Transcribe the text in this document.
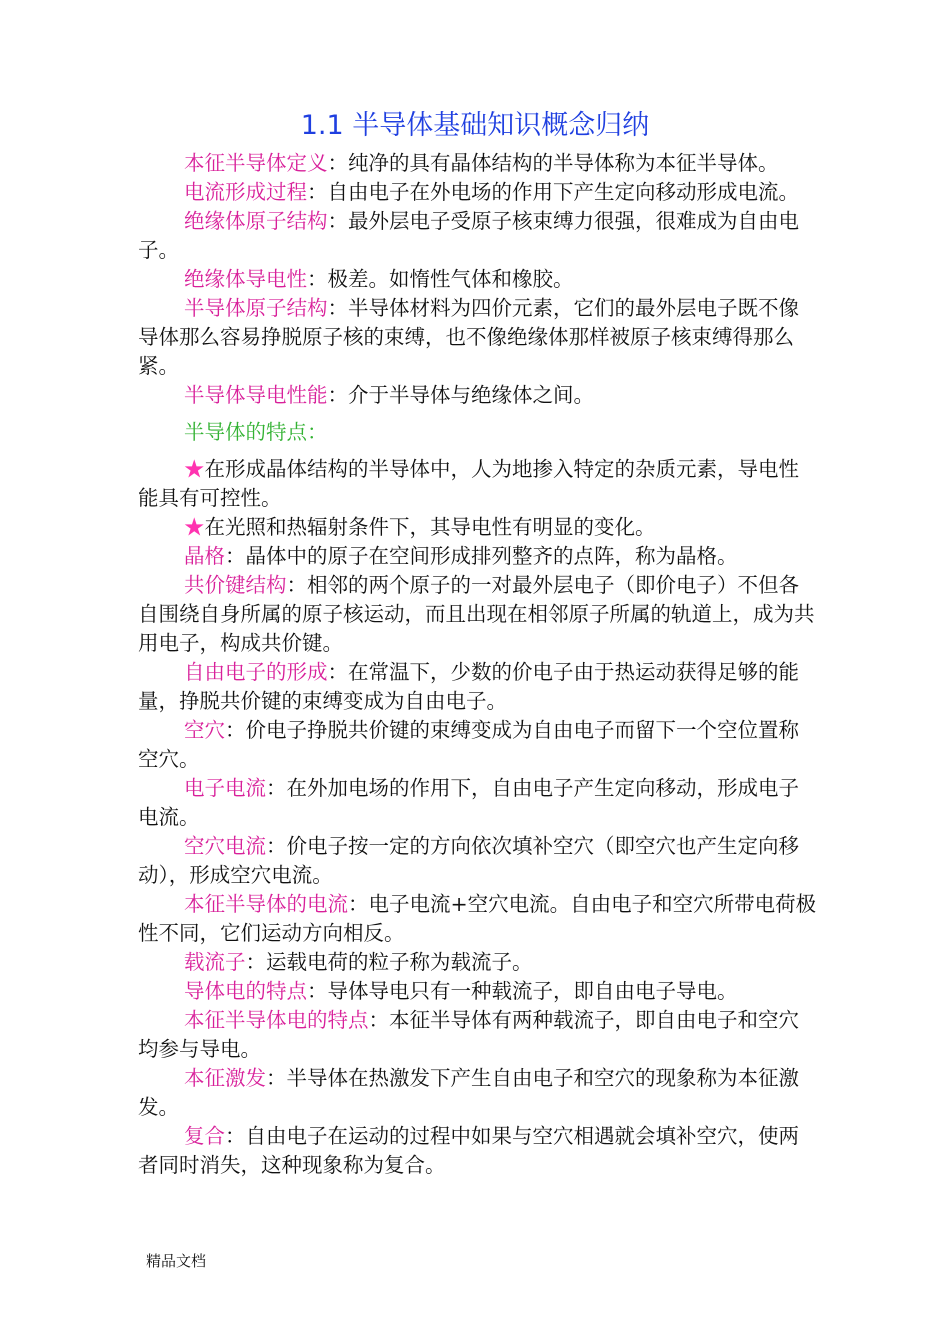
1.1 半导体基础知识概念归纳

本征半导体定义：纯净的具有晶体结构的半导体称为本征半导体。

电流形成过程：自由电子在外电场的作用下产生定向移动形成电流。

绝缘体原子结构：最外层电子受原子核束缚力很强，很难成为自由电子。

绝缘体导电性：极差。如惰性气体和橡胶。

半导体原子结构：半导体材料为四价元素，它们的最外层电子既不像导体那么容易挣脱原子核的束缚，也不像绝缘体那样被原子核束缚得那么紧。

半导体导电性能：介于半导体与绝缘体之间。

半导体的特点：

★在形成晶体结构的半导体中，人为地掺入特定的杂质元素，导电性能具有可控性。

★在光照和热辐射条件下，其导电性有明显的变化。

晶格：晶体中的原子在空间形成排列整齐的点阵，称为晶格。

共价键结构：相邻的两个原子的一对最外层电子（即价电子）不但各自围绕自身所属的原子核运动，而且出现在相邻原子所属的轨道上，成为共用电子，构成共价键。

自由电子的形成：在常温下，少数的价电子由于热运动获得足够的能量，挣脱共价键的束缚变成为自由电子。

空穴：价电子挣脱共价键的束缚变成为自由电子而留下一个空位置称空穴。

电子电流：在外加电场的作用下，自由电子产生定向移动，形成电子电流。

空穴电流：价电子按一定的方向依次填补空穴（即空穴也产生定向移动），形成空穴电流。

本征半导体的电流：电子电流+空穴电流。自由电子和空穴所带电荷极性不同，它们运动方向相反。

载流子：运载电荷的粒子称为载流子。

导体电的特点：导体导电只有一种载流子，即自由电子导电。

本征半导体电的特点：本征半导体有两种载流子，即自由电子和空穴均参与导电。

本征激发：半导体在热激发下产生自由电子和空穴的现象称为本征激发。

复合：自由电子在运动的过程中如果与空穴相遇就会填补空穴，使两者同时消失，这种现象称为复合。

精品文档
